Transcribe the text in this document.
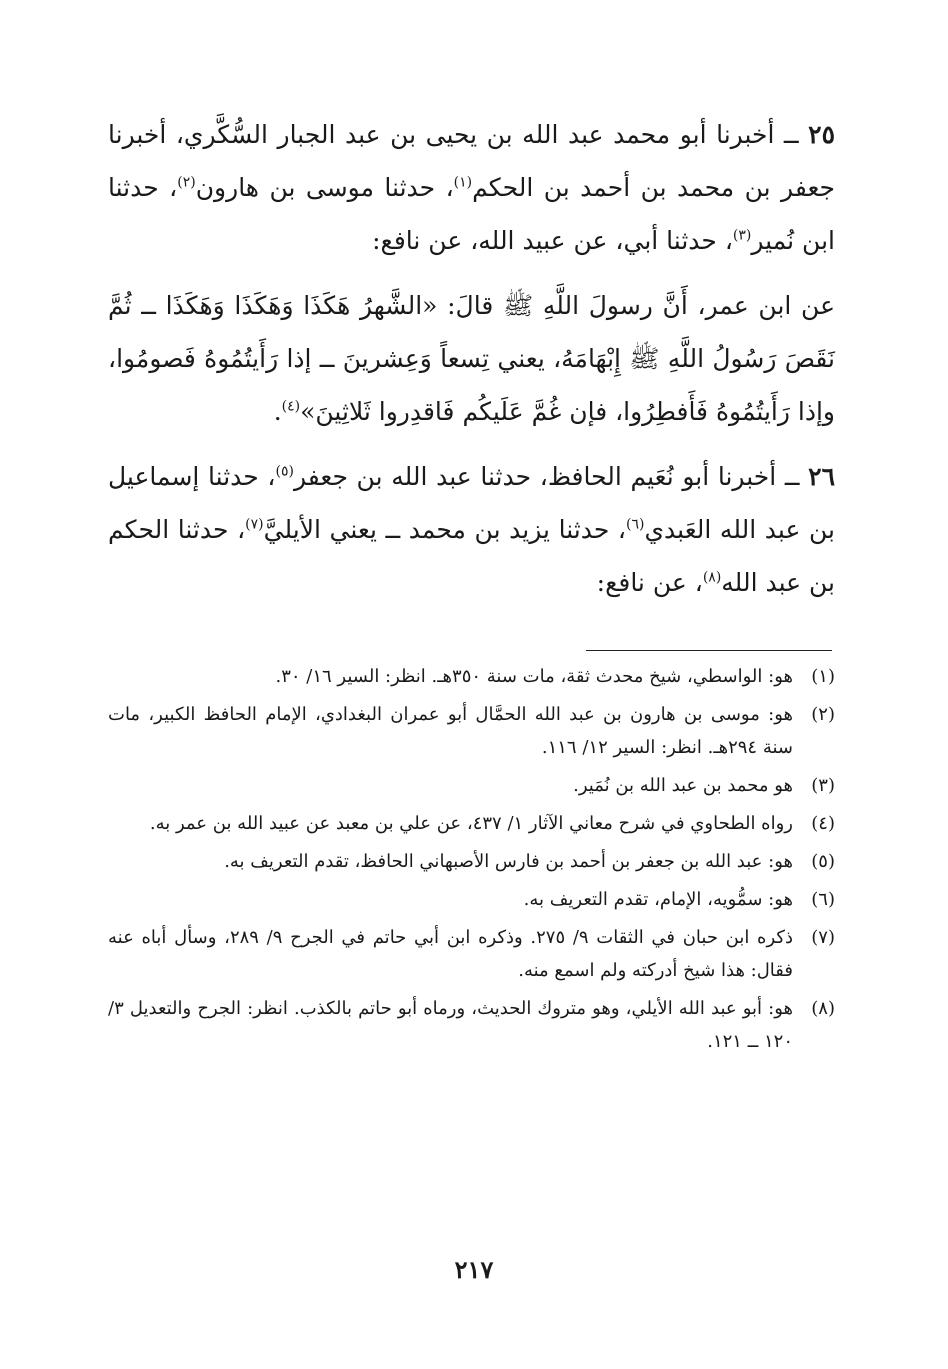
٢٥ ــ أخبرنا أبو محمد عبد الله بن يحيى بن عبد الجبار السُّكَّري، أخبرنا جعفر بن محمد بن أحمد بن الحكم$^{(١)}$، حدثنا موسى بن هارون$^{(٢)}$، حدثنا ابن نُمير$^{(٣)}$، حدثنا أبي، عن عبيد الله، عن نافع:

عن ابن عمر، أَنَّ رسولَ اللَّهِ ﷺ قالَ: «الشَّهرُ هَكَذَا وَهَكَذَا وَهَكَذَا ــ ثُمَّ نَقَصَ رَسُولُ اللَّهِ ﷺ إِبْهَامَهُ، يعني تِسعاً وَعِشرينَ ــ إذا رَأَيتُمُوهُ فَصومُوا، وإذا رَأَيتُمُوهُ فَأَفطِرُوا، فإن غُمَّ عَلَيكُم فَاقدِروا ثَلاثِينَ»$^{(٤)}$.

٢٦ ــ أخبرنا أبو نُعَيم الحافظ، حدثنا عبد الله بن جعفر$^{(٥)}$، حدثنا إسماعيل بن عبد الله العَبدي$^{(٦)}$، حدثنا يزيد بن محمد ــ يعني الأيليَّ$^{(٧)}$، حدثنا الحكم بن عبد الله$^{(٨)}$، عن نافع:

(١)
هو: الواسطي، شيخ محدث ثقة، مات سنة ٣٥٠هـ. انظر: السير ١٦/ ٣٠.
(٢)
هو: موسى بن هارون بن عبد الله الحمَّال أبو عمران البغدادي، الإمام الحافظ الكبير، مات سنة ٢٩٤هـ. انظر: السير ١٢/ ١١٦.
(٣)
هو محمد بن عبد الله بن نُمَير.
(٤)
رواه الطحاوي في شرح معاني الآثار ١/ ٤٣٧، عن علي بن معبد عن عبيد الله بن عمر به.
(٥)
هو: عبد الله بن جعفر بن أحمد بن فارس الأصبهاني الحافظ، تقدم التعريف به.
(٦)
هو: سمُّويه، الإمام، تقدم التعريف به.
(٧)
ذكره ابن حبان في الثقات ٩/ ٢٧٥. وذكره ابن أبي حاتم في الجرح ٩/ ٢٨٩، وسأل أباه عنه فقال: هذا شيخ أدركته ولم اسمع منه.
(٨)
هو: أبو عبد الله الأيلي، وهو متروك الحديث، ورماه أبو حاتم بالكذب. انظر: الجرح والتعديل ٣/ ١٢٠ ــ ١٢١.
٢١٧
